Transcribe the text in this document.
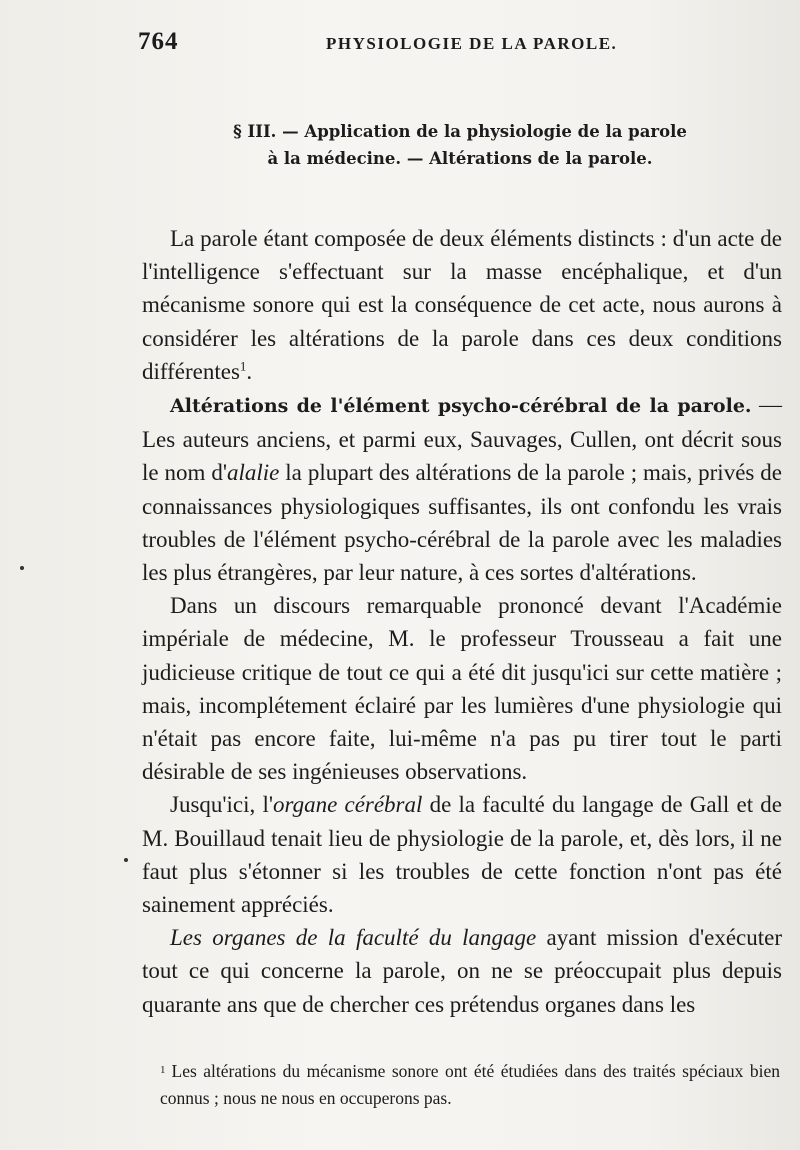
764	PHYSIOLOGIE DE LA PAROLE.
§ III. — Application de la physiologie de la parole
à la médecine. — Altérations de la parole.

La parole étant composée de deux éléments distincts : d'un acte de l'intelligence s'effectuant sur la masse encéphalique, et d'un mécanisme sonore qui est la conséquence de cet acte, nous aurons à considérer les altérations de la parole dans ces deux conditions différentes$^1$.

Altérations de l'élément psycho-cérébral de la parole. — Les auteurs anciens, et parmi eux, Sauvages, Cullen, ont décrit sous le nom d'alalie la plupart des altérations de la parole ; mais, privés de connaissances physiologiques suffisantes, ils ont confondu les vrais troubles de l'élément psycho-cérébral de la parole avec les maladies les plus étrangères, par leur nature, à ces sortes d'altérations.

Dans un discours remarquable prononcé devant l'Académie impériale de médecine, M. le professeur Trousseau a fait une judicieuse critique de tout ce qui a été dit jusqu'ici sur cette matière ; mais, incomplétement éclairé par les lumières d'une physiologie qui n'était pas encore faite, lui-même n'a pas pu tirer tout le parti désirable de ses ingénieuses observations.

Jusqu'ici, l'organe cérébral de la faculté du langage de Gall et de M. Bouillaud tenait lieu de physiologie de la parole, et, dès lors, il ne faut plus s'étonner si les troubles de cette fonction n'ont pas été sainement appréciés.

Les organes de la faculté du langage ayant mission d'exécuter tout ce qui concerne la parole, on ne se préoccupait plus depuis quarante ans que de chercher ces prétendus organes dans les

$^1$ Les altérations du mécanisme sonore ont été étudiées dans des traités spéciaux bien connus ; nous ne nous en occuperons pas.
